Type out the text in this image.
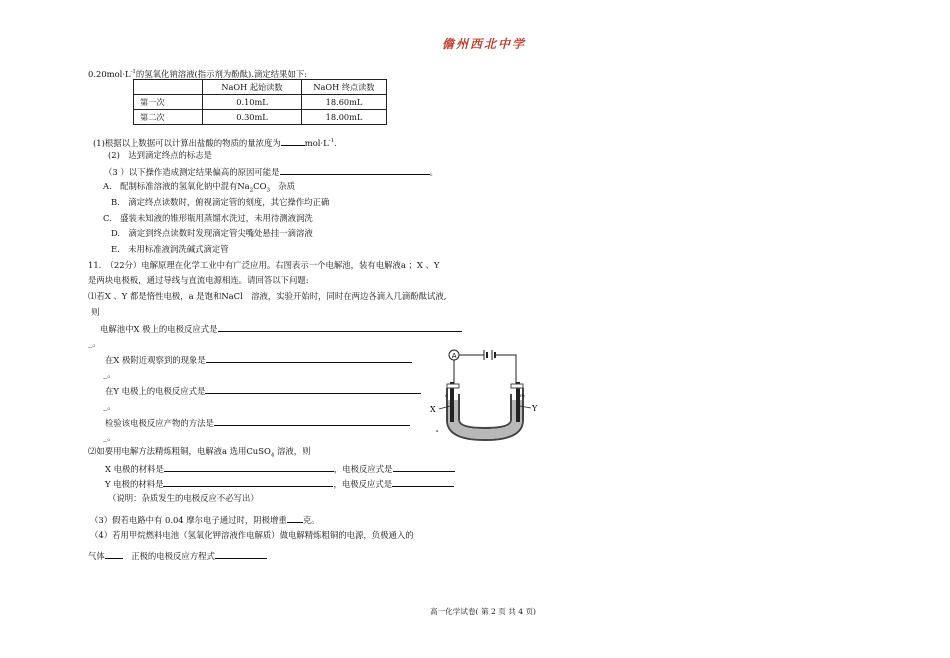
儋州西北中学
$0.20mol\cdot L^{-1}$的氢氧化钠溶液(指示剂为酚酞).滴定结果如下:
	NaOH 起始读数	NaOH 终点读数
第一次	0.10mL	18.60mL
第二次	0.30mL	18.00mL
(1)根据以上数据可以计算出盐酸的物质的量浓度为	$mol\cdot L^{-1}$.
(2)　达到滴定终点的标志是
（3 ）以下操作造成测定结果偏高的原因可能是	。
A.　配制标准溶液的氢氧化钠中混有$Na_2CO_3$　杂质
B.　滴定终点读数时，俯视滴定管的刻度，其它操作均正确
C.　盛装未知液的锥形瓶用蒸馏水洗过，未用待测液润洗
D.　滴定到终点读数时发现滴定管尖嘴处悬挂一滴溶液
E.　未用标准液润洗碱式滴定管
11.　（22分）电解原理在化学工业中有广泛应用。右图表示一个电解池，装有电解液a ；X 、Y
是两块电极板，通过导线与直流电源相连。请回答以下问题:
⑴若X 、Y 都是惰性电极，a 是饱和NaCl　溶液，实验开始时，同时在两边各滴入几滴酚酞试液,
则
电解池中X 极上的电极反应式是
_。
在X 极附近观察到的现象是
_。
在Y 电极上的电极反应式是
_。
检验该电极反应产物的方法是
_。
⑵如要用电解方法精炼粗铜，电解液a 选用CuSO$_4$ 溶液，则
X 电极的材料是	，电极反应式是
Y 电极的材料是	，电极反应式是
（说明：杂质发生的电极反应不必写出）
（3）假若电路中有 0.04 摩尔电子通过时，阴极增重 克。
（4）若用甲烷燃料电池（氢氧化钾溶液作电解质）做电解精炼粗铜的电源，负极通入的
气体　正极的电极反应方程式
A
X	Y
C	Fe
a
高一化学试卷( 第 2 页 共 4 页)
